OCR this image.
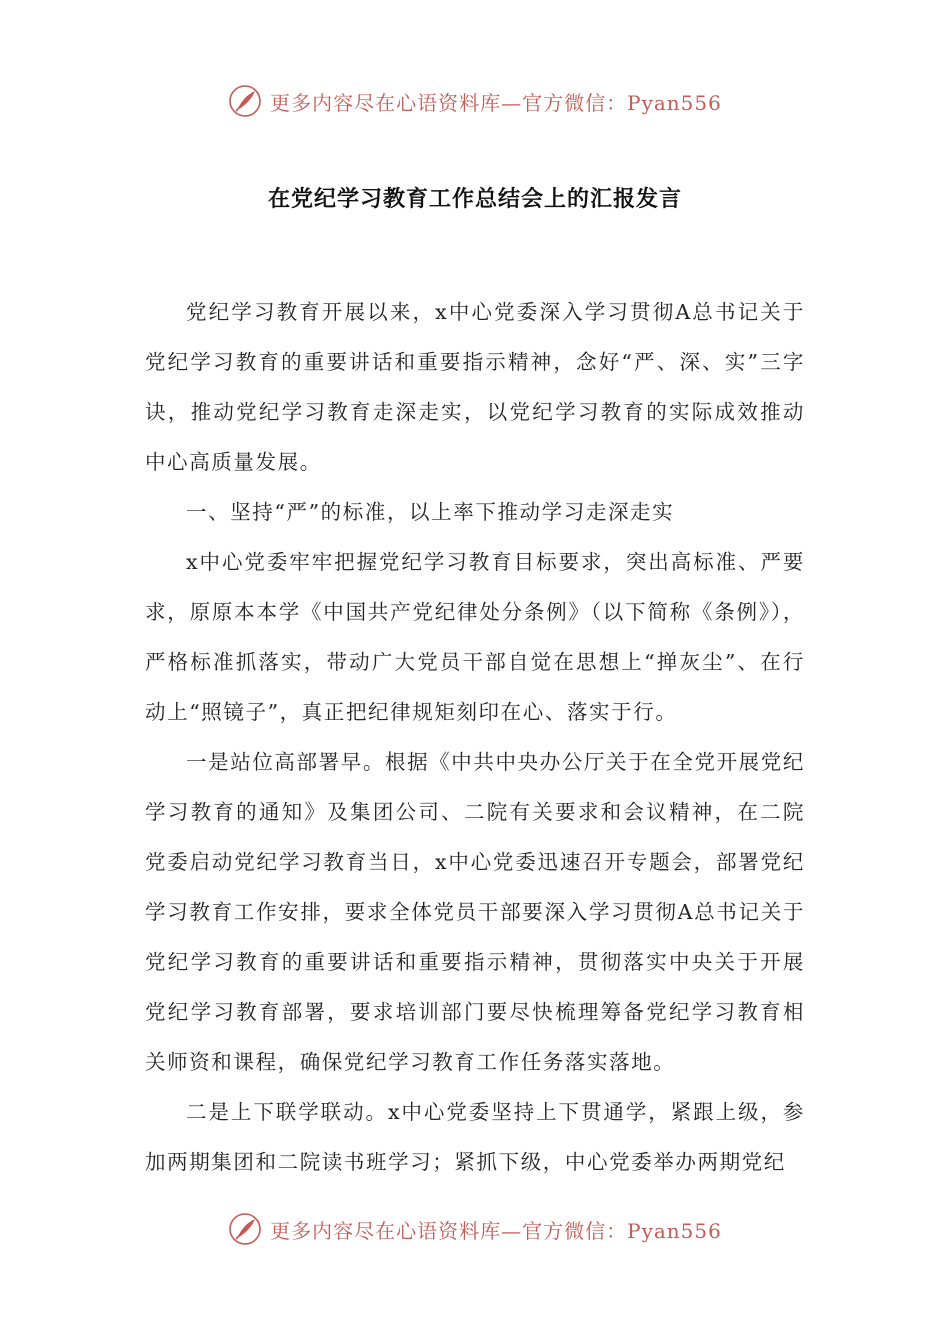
更多内容尽在心语资料库—官方微信：Pyan556
在党纪学习教育工作总结会上的汇报发言

党纪学习教育开展以来，x中心党委深入学习贯彻A总书记关于党纪学习教育的重要讲话和重要指示精神，念好“严、深、实”三字诀，推动党纪学习教育走深走实，以党纪学习教育的实际成效推动中心高质量发展。

一、坚持“严”的标准，以上率下推动学习走深走实

x中心党委牢牢把握党纪学习教育目标要求，突出高标准、严要求，原原本本学《中国共产党纪律处分条例》（以下简称《条例》），严格标准抓落实，带动广大党员干部自觉在思想上“掸灰尘”、在行动上“照镜子”，真正把纪律规矩刻印在心、落实于行。

一是站位高部署早。根据《中共中央办公厅关于在全党开展党纪学习教育的通知》及集团公司、二院有关要求和会议精神，在二院党委启动党纪学习教育当日，x中心党委迅速召开专题会，部署党纪学习教育工作安排，要求全体党员干部要深入学习贯彻A总书记关于党纪学习教育的重要讲话和重要指示精神，贯彻落实中央关于开展党纪学习教育部署，要求培训部门要尽快梳理筹备党纪学习教育相关师资和课程，确保党纪学习教育工作任务落实落地。

二是上下联学联动。x中心党委坚持上下贯通学，紧跟上级，参加两期集团和二院读书班学习；紧抓下级，中心党委举办两期党纪

更多内容尽在心语资料库—官方微信：Pyan556
